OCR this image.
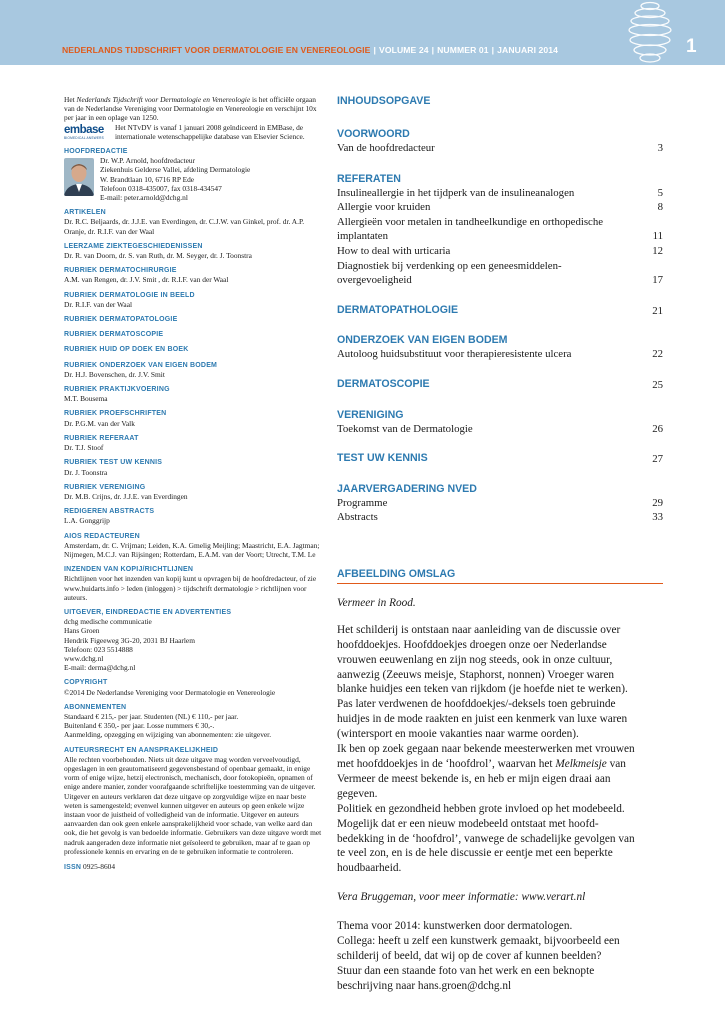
NEDERLANDS TIJDSCHRIFT VOOR DERMATOLOGIE EN VENEREOLOGIE | VOLUME 24 | NUMMER 01 | JANUARI 2014	1

Het Nederlands Tijdschrift voor Dermatologie en Venereologie is het officiële orgaan van de Nederlandse Vereniging voor Dermatologie en Venereologie en verschijnt 10x per jaar in een oplage van 1250.

embase
BIOMEDICAL ANSWERS

Het NTvDV is vanaf 1 januari 2008 geïndiceerd in EMBase, de internationale wetenschappelijke database van Elsevier Science.

HOOFDREDACTIE

Dr. W.P. Arnold, hoofdredacteur

Ziekenhuis Gelderse Vallei, afdeling Dermatologie

W. Brandtlaan 10, 6716 RP Ede

Telefoon 0318-435007, fax 0318-434547

E-mail: peter.arnold@dchg.nl

ARTIKELEN

Dr. R.C. Beljaards, dr. J.J.E. van Everdingen, dr. C.J.W. van Ginkel, prof. dr. A.P. Oranje, dr. R.I.F. van der Waal

LEERZAME ZIEKTEGESCHIEDENISSEN

Dr. R. van Doorn, dr. S. van Ruth, dr. M. Seyger, dr. J. Toonstra

RUBRIEK DERMATOCHIRURGIE

A.M. van Rengen, dr. J.V. Smit , dr. R.I.F. van der Waal

RUBRIEK DERMATOLOGIE IN BEELD

Dr. R.I.F. van der Waal

RUBRIEK DERMATOPATOLOGIE
RUBRIEK DERMATOSCOPIE
RUBRIEK HUID OP DOEK EN BOEK
RUBRIEK ONDERZOEK VAN EIGEN BODEM

Dr. H.J. Bovenschen, dr. J.V. Smit

RUBRIEK PRAKTIJKVOERING

M.T. Bousema

RUBRIEK PROEFSCHRIFTEN

Dr. P.G.M. van der Valk

RUBRIEK REFERAAT

Dr. T.J. Stoof

RUBRIEK TEST UW KENNIS

Dr. J. Toonstra

RUBRIEK VERENIGING

Dr. M.B. Crijns, dr. J.J.E. van Everdingen

REDIGEREN ABSTRACTS

L.A. Gonggrijp

AIOS REDACTEUREN

Amsterdam, dr. C. Vrijman; Leiden, K.A. Gmelig Meijling; Maastricht, E.A. Jagtman; Nijmegen, M.C.J. van Rijsingen; Rotterdam, E.A.M. van der Voort; Utrecht, T.M. Le

INZENDEN VAN KOPIJ/RICHTLIJNEN

Richtlijnen voor het inzenden van kopij kunt u opvragen bij de hoofdredacteur, of zie www.huidarts.info > leden (inloggen) > tijdschrift dermatologie > richtlijnen voor auteurs.

UITGEVER, EINDREDACTIE EN ADVERTENTIES

dchg medische communicatie

Hans Groen

Hendrik Figeeweg 3G-20, 2031 BJ Haarlem

Telefoon: 023 5514888

www.dchg.nl

E-mail: derma@dchg.nl

COPYRIGHT

©2014 De Nederlandse Vereniging voor Dermatologie en Venereologie

ABONNEMENTEN

Standaard € 215,- per jaar. Studenten (NL) € 110,- per jaar.

Buitenland € 350,- per jaar. Losse nummers € 30,-.

Aanmelding, opzegging en wijziging van abonnementen: zie uitgever.

AUTEURSRECHT EN AANSPRAKELIJKHEID

Alle rechten voorbehouden. Niets uit deze uitgave mag worden verveelvoudigd, opgeslagen in een geautomatiseerd gegevensbestand of openbaar gemaakt, in enige vorm of enige wijze, hetzij electronisch, mechanisch, door fotokopieën, opnamen of enige andere manier, zonder voorafgaande schriftelijke toestemming van de uitgever. Uitgever en auteurs verklaren dat deze uitgave op zorgvuldige wijze en naar beste weten is samengesteld; evenwel kunnen uitgever en auteurs op geen enkele wijze instaan voor de juistheid of volledigheid van de informatie. Uitgever en auteurs aanvaarden dan ook geen enkele aansprakelijkheid voor schade, van welke aard dan ook, die het gevolg is van bedoelde informatie. Gebruikers van deze uitgave wordt met nadruk aangeraden deze informatie niet geïsoleerd te gebruiken, maar af te gaan op professionele kennis en ervaring en de te gebruiken informatie te controleren.

ISSN 0925-8604

INHOUDSOPGAVE
VOORWOORD
Van de hoofdredacteur	3
REFERATEN
Insulineallergie in het tijdperk van de insulineanalogen	5
Allergie voor kruiden	8
Allergieën voor metalen in tandheelkundige en orthopedische
implantaten	11
How to deal with urticaria	12
Diagnostiek bij verdenking op een geneesmiddelen-
overgevoeligheid	17
DERMATOPATHOLOGIE	21
ONDERZOEK VAN EIGEN BODEM
Autoloog huidsubstituut voor therapieresistente ulcera	22
DERMATOSCOPIE	25
VERENIGING
Toekomst van de Dermatologie	26
TEST UW KENNIS	27
JAARVERGADERING NVED
Programme	29
Abstracts	33
AFBEELDING OMSLAG

Vermeer in Rood.

Het schilderij is ontstaan naar aanleiding van de discussie over
hoofddoekjes. Hoofddoekjes droegen onze oer Nederlandse
vrouwen eeuwenlang en zijn nog steeds, ook in onze cultuur,
aanwezig (Zeeuws meisje, Staphorst, nonnen) Vroeger waren
blanke huidjes een teken van rijkdom (je hoefde niet te werken).
Pas later verdwenen de hoofddoekjes/-deksels toen gebruinde
huidjes in de mode raakten en juist een kenmerk van luxe waren
(wintersport en mooie vakanties naar warme oorden).
Ik ben op zoek gegaan naar bekende meesterwerken met vrouwen
met hoofddoekjes in de ‘hoofdrol’, waarvan het Melkmeisje van
Vermeer de meest bekende is, en heb er mijn eigen draai aan
gegeven.
Politiek en gezondheid hebben grote invloed op het modebeeld.
Mogelijk dat er een nieuw modebeeld ontstaat met hoofd-
bedekking in de ‘hoofdrol’, vanwege de schadelijke gevolgen van
te veel zon, en is de hele discussie er eentje met een beperkte
houdbaarheid.

Vera Bruggeman, voor meer informatie: www.verart.nl

Thema voor 2014: kunstwerken door dermatologen.
Collega: heeft u zelf een kunstwerk gemaakt, bijvoorbeeld een
schilderij of beeld, dat wij op de cover af kunnen beelden?
Stuur dan een staande foto van het werk en een beknopte
beschrijving naar hans.groen@dchg.nl
